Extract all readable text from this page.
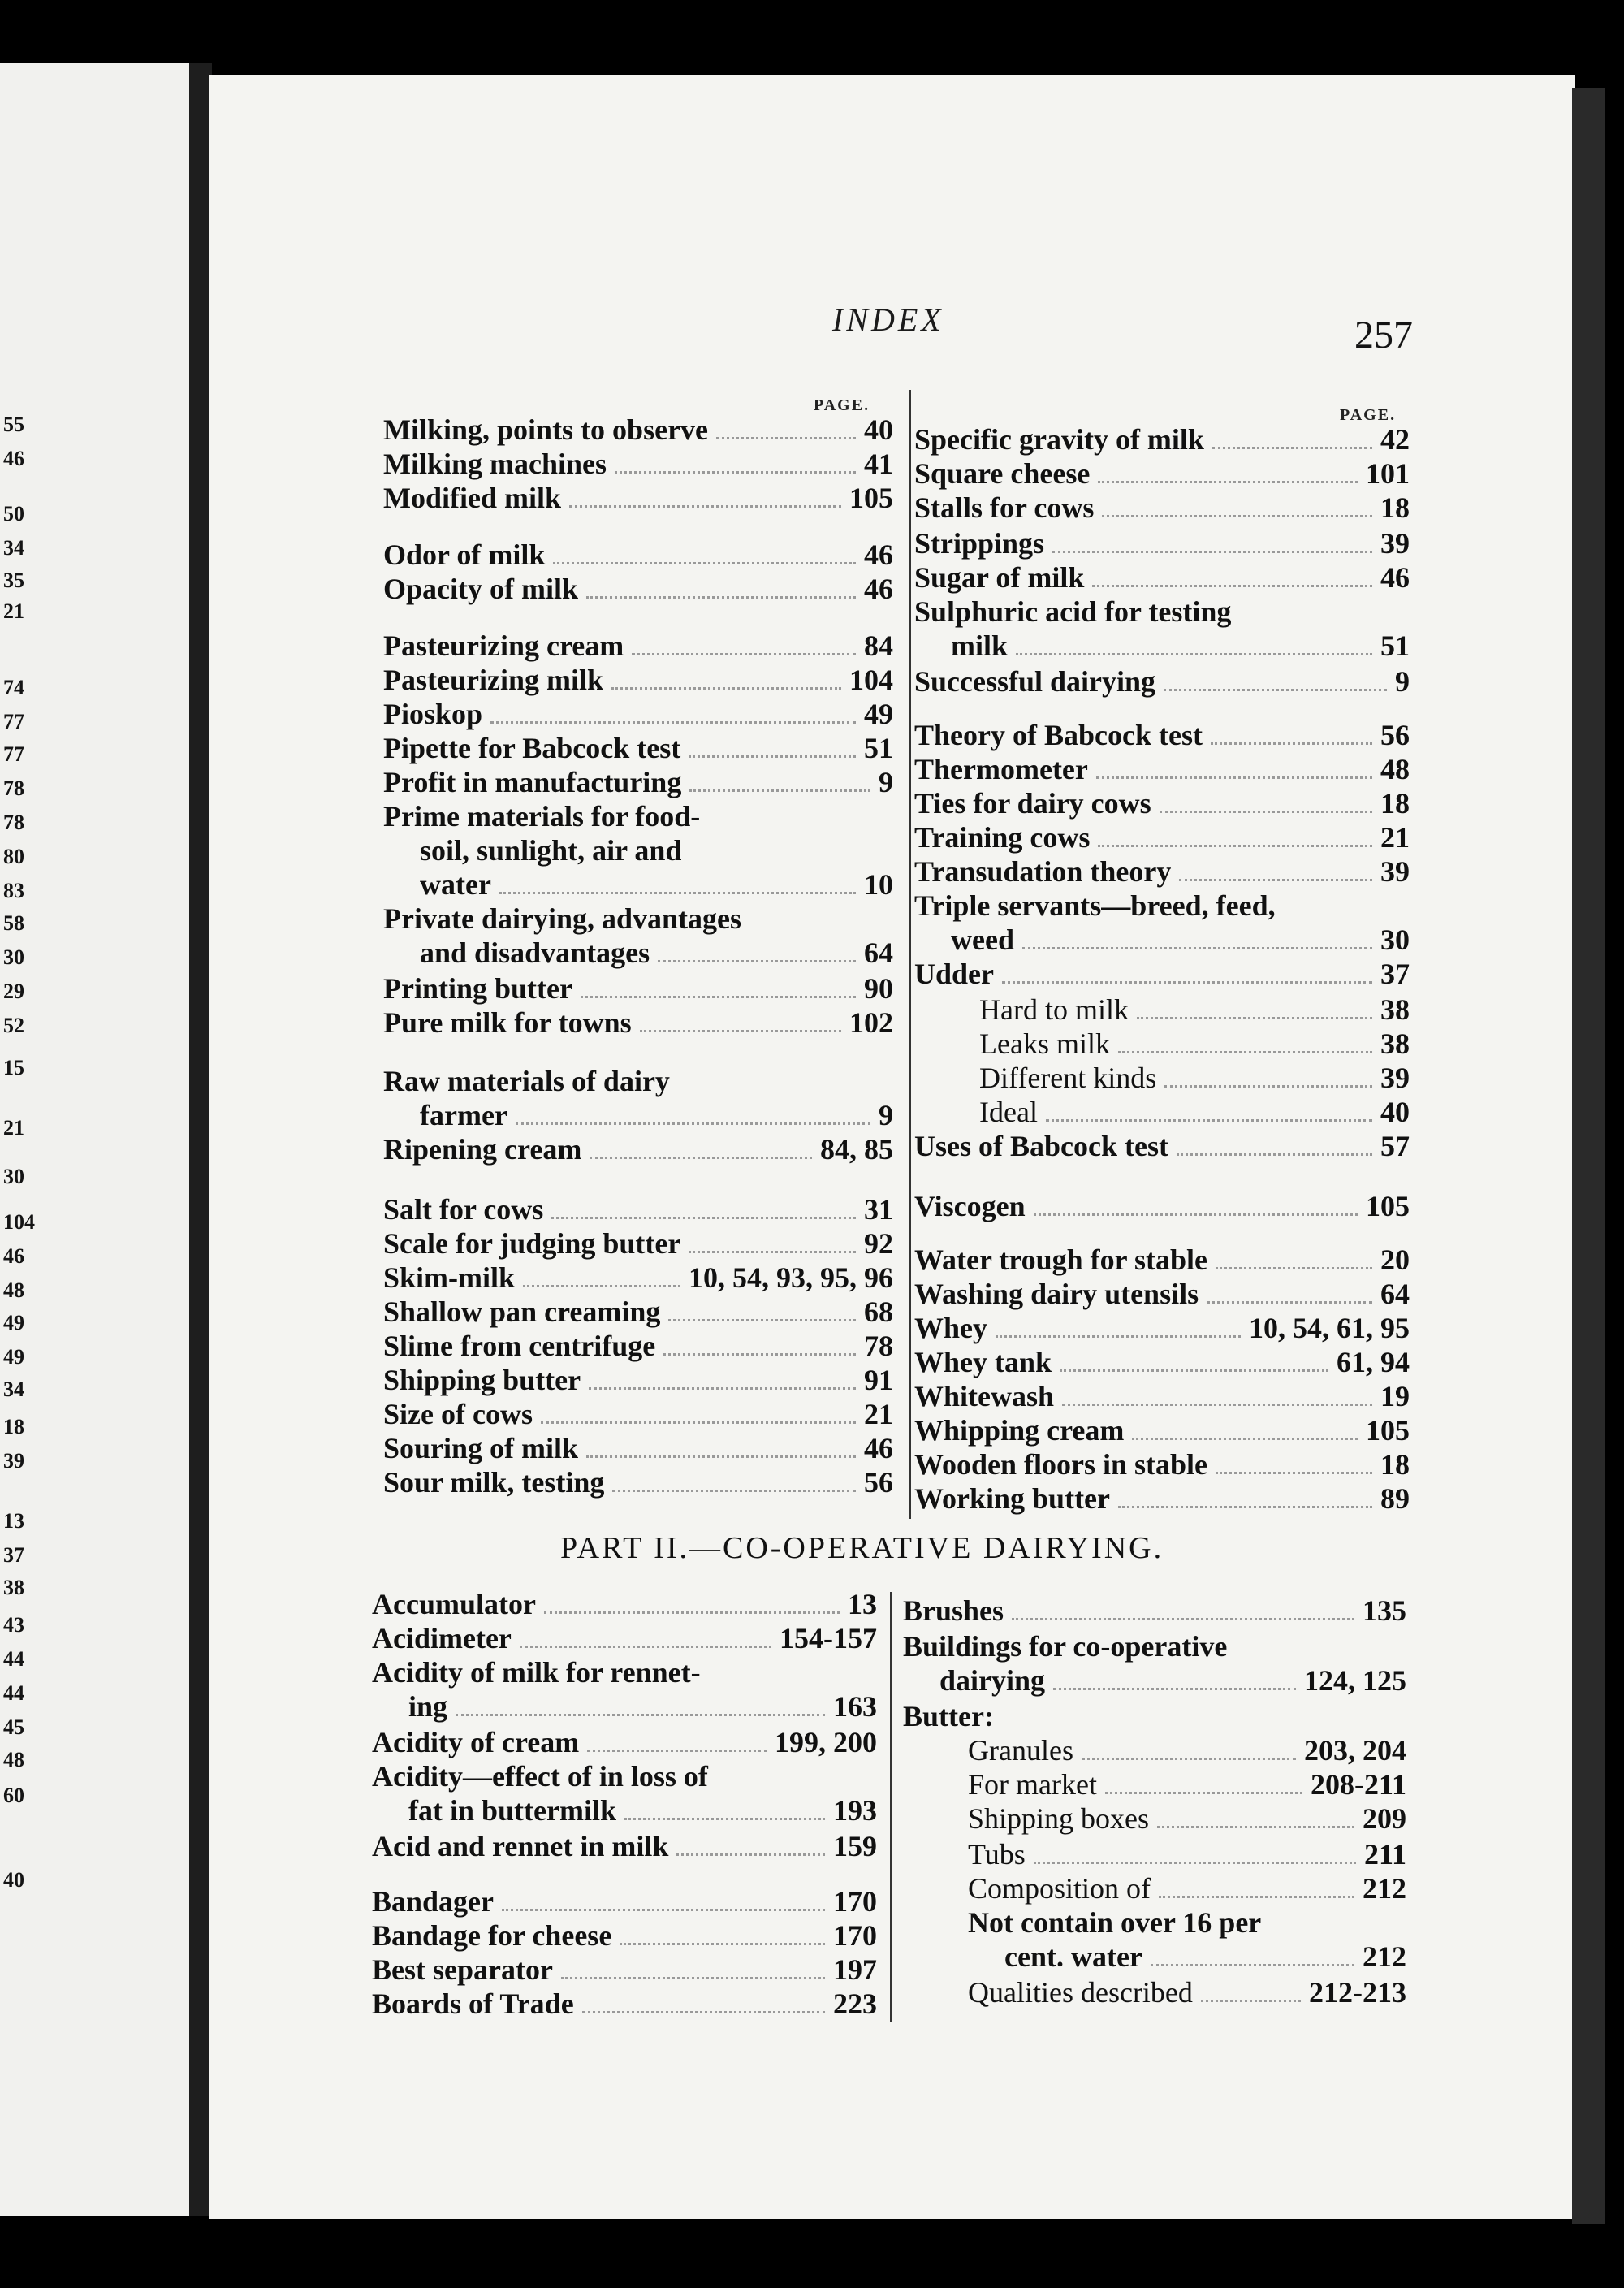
55
46
50
34
35
21
74
77
77
78
78
80
83
58
30
29
52
15
21
30
104
46
48
49
49
34
18
39
13
37
38
43
44
44
45
48
60
40
INDEX	257
PAGE.
PAGE.
PART II.—CO-OPERATIVE DAIRYING.
Milking, points to observe	40
Milking machines	41
Modified milk	105
Odor of milk	46
Opacity of milk	46
Pasteurizing cream	84
Pasteurizing milk	104
Pioskop	49
Pipette for Babcock test	51
Profit in manufacturing	9
Prime materials for food-
soil, sunlight, air and
water	10
Private dairying, advantages
and disadvantages	64
Printing butter	90
Pure milk for towns	102
Raw materials of dairy
farmer	9
Ripening cream	84, 85
Salt for cows	31
Scale for judging butter	92
Skim-milk	10, 54, 93, 95, 96
Shallow pan creaming	68
Slime from centrifuge	78
Shipping butter	91
Size of cows	21
Souring of milk	46
Sour milk, testing	56
Specific gravity of milk	42
Square cheese	101
Stalls for cows	18
Strippings	39
Sugar of milk	46
Sulphuric acid for testing
milk	51
Successful dairying	9
Theory of Babcock test	56
Thermometer	48
Ties for dairy cows	18
Training cows	21
Transudation theory	39
Triple servants—breed, feed,
weed	30
Udder	37
Hard to milk	38
Leaks milk	38
Different kinds	39
Ideal	40
Uses of Babcock test	57
Viscogen	105
Water trough for stable	20
Washing dairy utensils	64
Whey	10, 54, 61, 95
Whey tank	61, 94
Whitewash	19
Whipping cream	105
Wooden floors in stable	18
Working butter	89
Accumulator	13
Acidimeter	154-157
Acidity of milk for rennet-
ing	163
Acidity of cream	199, 200
Acidity—effect of in loss of
fat in buttermilk	193
Acid and rennet in milk	159
Bandager	170
Bandage for cheese	170
Best separator	197
Boards of Trade	223
Brushes	135
Buildings for co-operative
dairying	124, 125
Butter:
Granules	203, 204
For market	208-211
Shipping boxes	209
Tubs	211
Composition of	212
Not contain over 16 per
cent. water	212
Qualities described	212-213
